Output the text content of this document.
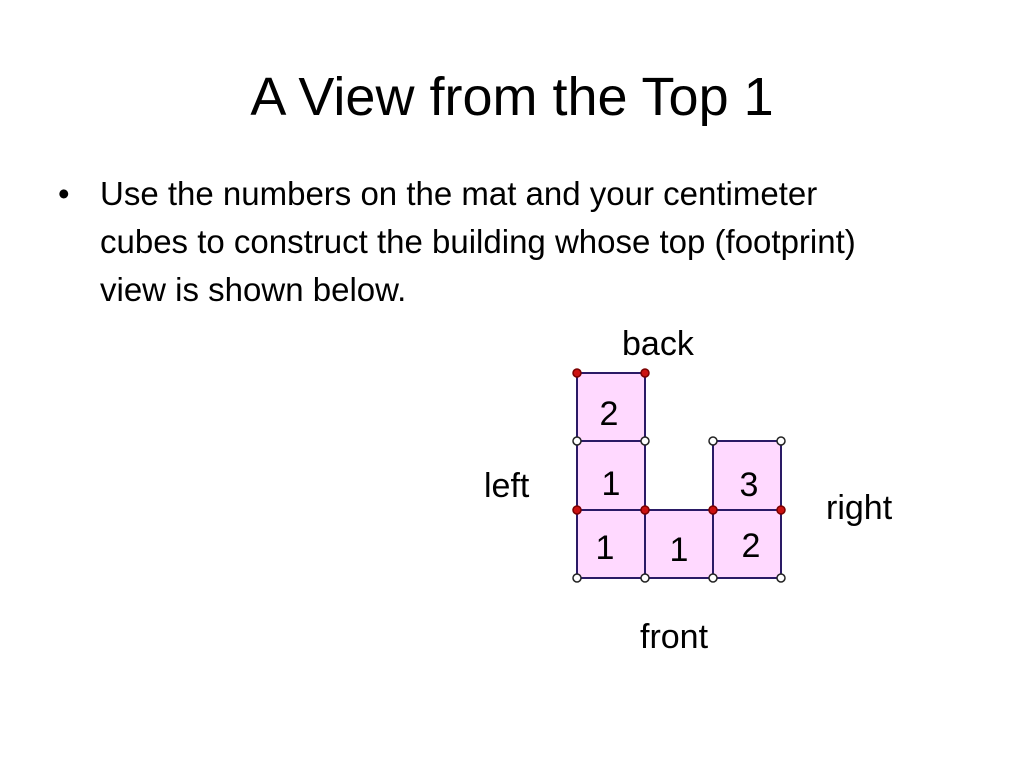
A View from the Top 1
• Use the numbers on the mat and your centimeter cubes to construct the building whose top (footprint) view is shown below.
back
left
right
front
2
1
1 1
3
2
